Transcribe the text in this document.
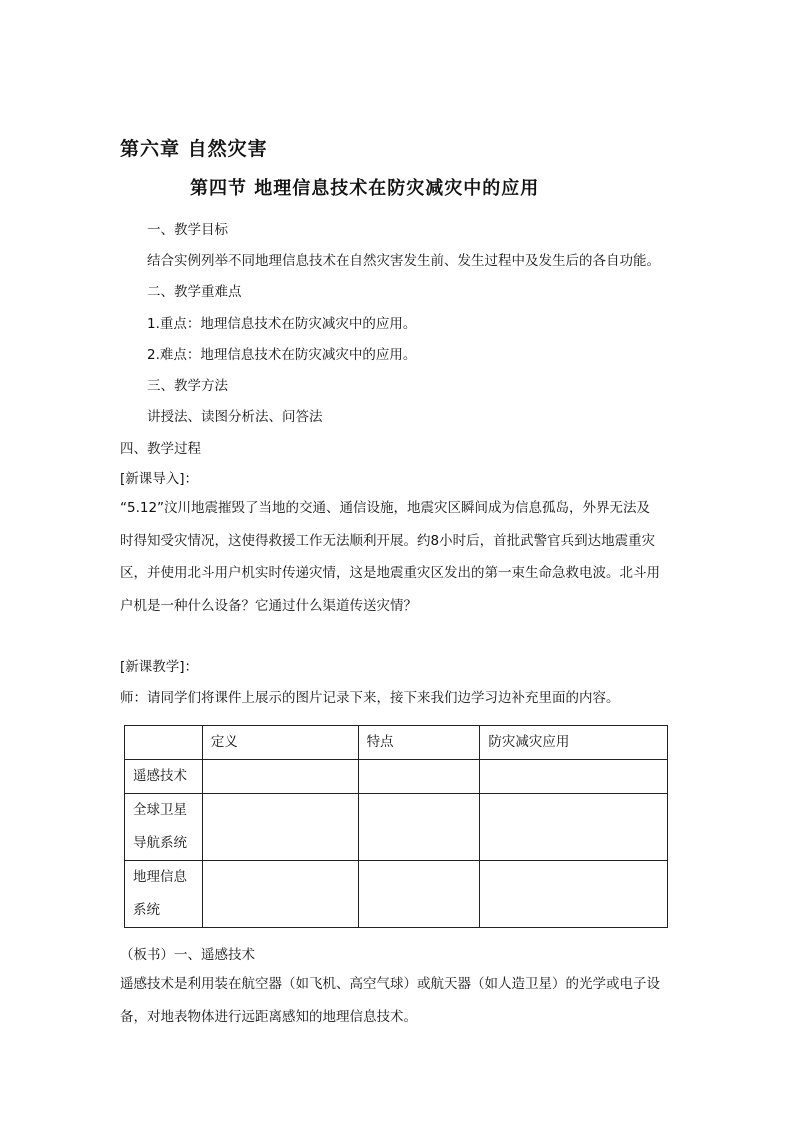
第六章 自然灾害
第四节 地理信息技术在防灾减灾中的应用
一、教学目标
结合实例列举不同地理信息技术在自然灾害发生前、发生过程中及发生后的各自功能。
二、教学重难点
1.重点：地理信息技术在防灾减灾中的应用。
2.难点：地理信息技术在防灾减灾中的应用。
三、教学方法
讲授法、读图分析法、问答法
四、教学过程
[新课导入]：
“5.12”汶川地震摧毁了当地的交通、通信设施，地震灾区瞬间成为信息孤岛，外界无法及
时得知受灾情况，这使得救援工作无法顺利开展。约8小时后，首批武警官兵到达地震重灾
区，并使用北斗用户机实时传递灾情，这是地震重灾区发出的第一束生命急救电波。北斗用
户机是一种什么设备？它通过什么渠道传送灾情？
[新课教学]：
师：请同学们将课件上展示的图片记录下来，接下来我们边学习边补充里面的内容。
	定义	特点	防灾减灾应用
遥感技术			

全球卫星
导航系统			

地理信息
系统			

（板书）一、遥感技术
遥感技术是利用装在航空器（如飞机、高空气球）或航天器（如人造卫星）的光学或电子设
备，对地表物体进行远距离感知的地理信息技术。
